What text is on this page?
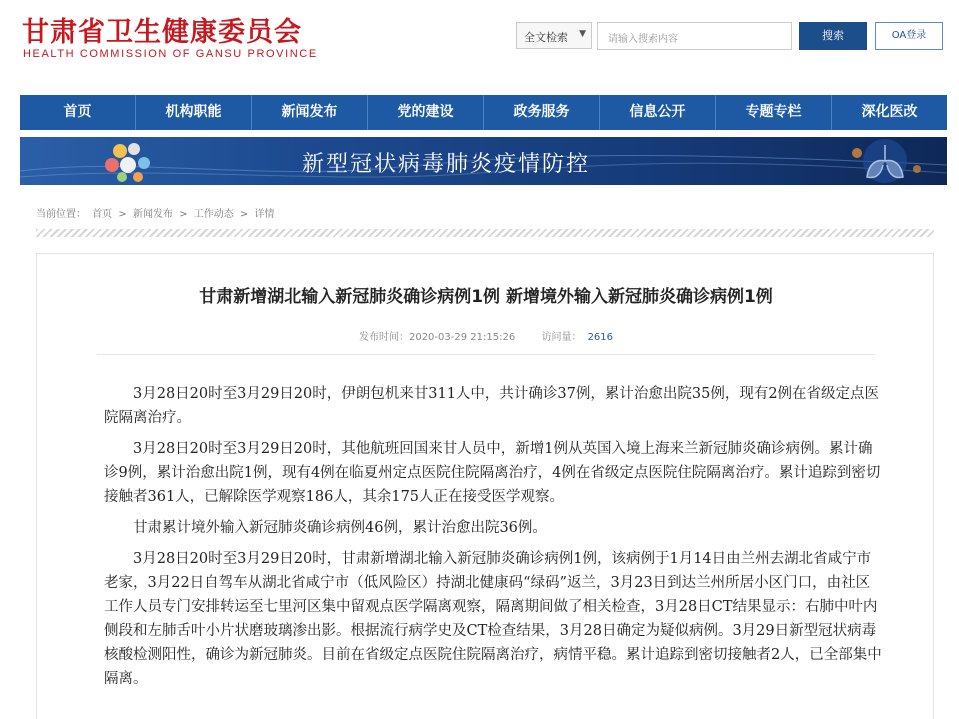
甘肃省卫生健康委员会
HEALTH COMMISSION OF GANSU PROVINCE
全文检索 ▼	请输入搜索内容	搜索	OA登录
首页	机构职能	新闻发布	党的建设	政务服务	信息公开	专题专栏	深化医改
新型冠状病毒肺炎疫情防控
当前位置： 首页 > 新闻发布 > 工作动态 > 详情
甘肃新增湖北输入新冠肺炎确诊病例1例 新增境外输入新冠肺炎确诊病例1例
发布时间：2020-03-29 21:15:26	访问量： 2616

3月28日20时至3月29日20时，伊朗包机来甘311人中，共计确诊37例，累计治愈出院35例，现有2例在省级定点医院隔离治疗。

3月28日20时至3月29日20时，其他航班回国来甘人员中，新增1例从英国入境上海来兰新冠肺炎确诊病例。累计确诊9例，累计治愈出院1例，现有4例在临夏州定点医院住院隔离治疗，4例在省级定点医院住院隔离治疗。累计追踪到密切接触者361人，已解除医学观察186人，其余175人正在接受医学观察。

甘肃累计境外输入新冠肺炎确诊病例46例，累计治愈出院36例。

3月28日20时至3月29日20时，甘肃新增湖北输入新冠肺炎确诊病例1例，该病例于1月14日由兰州去湖北省咸宁市老家，3月22日自驾车从湖北省咸宁市（低风险区）持湖北健康码“绿码”返兰，3月23日到达兰州所居小区门口，由社区工作人员专门安排转运至七里河区集中留观点医学隔离观察，隔离期间做了相关检查，3月28日CT结果显示：右肺中叶内侧段和左肺舌叶小片状磨玻璃渗出影。根据流行病学史及CT检查结果，3月28日确定为疑似病例。3月29日新型冠状病毒核酸检测阳性，确诊为新冠肺炎。目前在省级定点医院住院隔离治疗，病情平稳。累计追踪到密切接触者2人，已全部集中隔离。
